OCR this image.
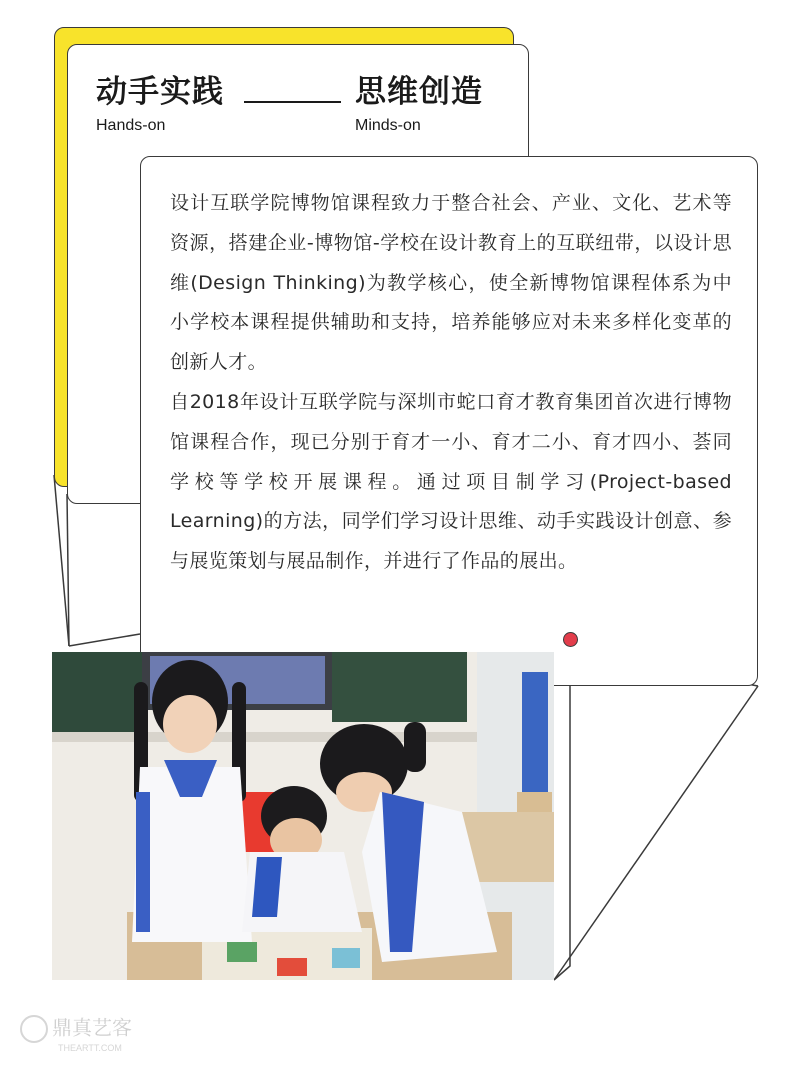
动手实践	思维创造
Hands-on	Minds-on

设计互联学院博物馆课程致力于整合社会、产业、文化、艺术等资源，搭建企业-博物馆-学校在设计教育上的互联纽带，以设计思维(Design Thinking)为教学核心，使全新博物馆课程体系为中小学校本课程提供辅助和支持，培养能够应对未来多样化变革的创新人才。

自2018年设计互联学院与深圳市蛇口育才教育集团首次进行博物馆课程合作，现已分别于育才一小、育才二小、育才四小、荟同学校等学校开展课程。通过项目制学习(Project-based Learning)的方法，同学们学习设计思维、动手实践设计创意、参与展览策划与展品制作，并进行了作品的展出。

鼎真艺客
THEARTT.COM
